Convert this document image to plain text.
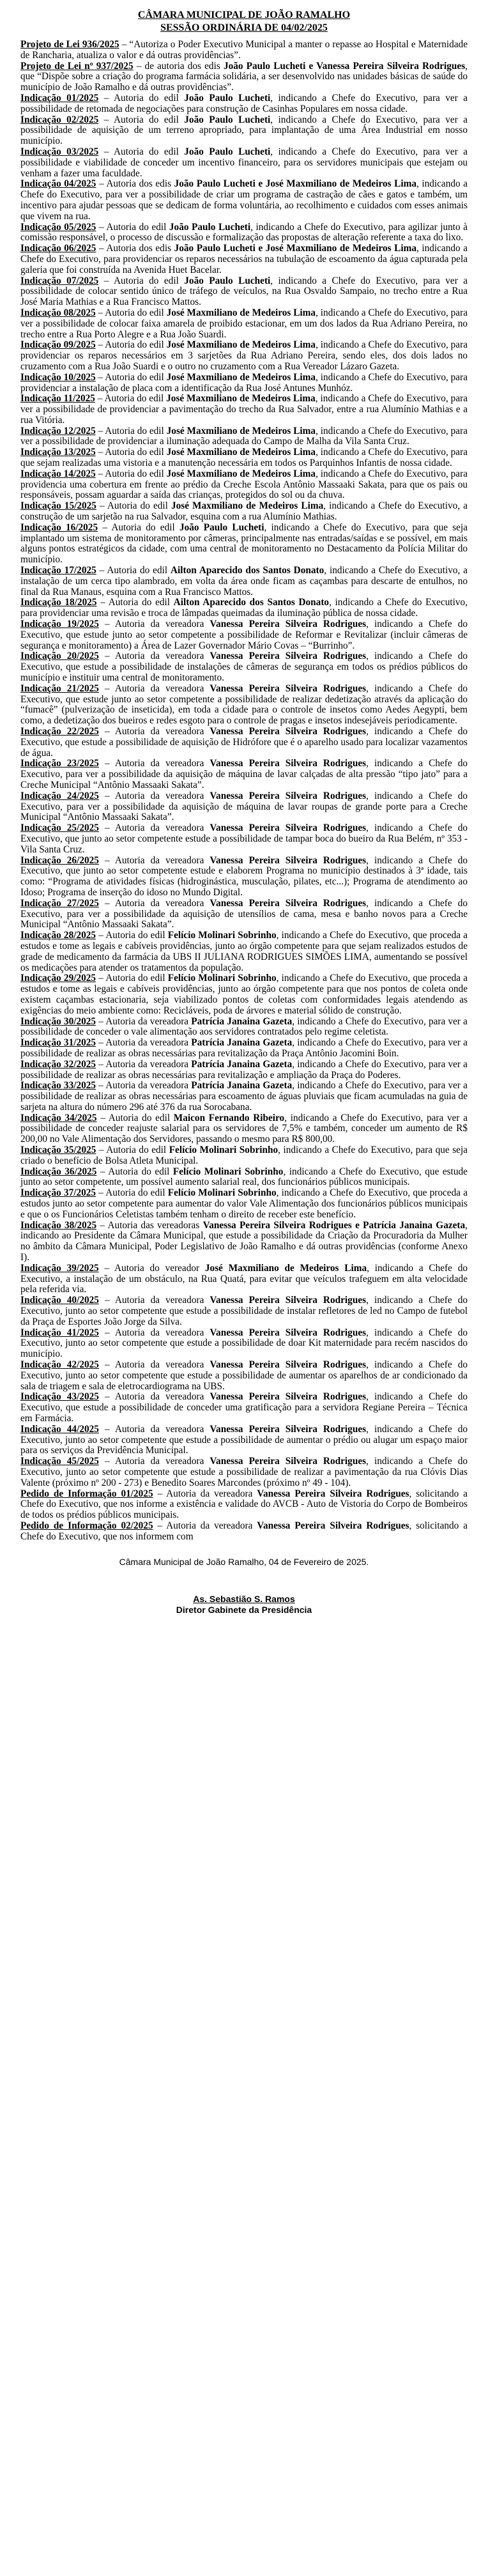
CÂMARA MUNICIPAL DE JOÃO RAMALHO
SESSÃO ORDINÁRIA DE 04/02/2025

Projeto de Lei 936/2025 – “Autoriza o Poder Executivo Municipal a manter o repasse ao Hospital e Maternidade de Rancharia, atualiza o valor e dá outras providências”.

Projeto de Lei nº 937/2025 – de autoria dos edis João Paulo Lucheti e Vanessa Pereira Silveira Rodrigues, que “Dispõe sobre a criação do programa farmácia solidária, a ser desenvolvido nas unidades básicas de saúde do município de João Ramalho e dá outras providências”.

Indicação 01/2025 – Autoria do edil João Paulo Lucheti, indicando a Chefe do Executivo, para ver a possibilidade de retomada de negociações para construção de Casinhas Populares em nossa cidade.

Indicação 02/2025 – Autoria do edil João Paulo Lucheti, indicando a Chefe do Executivo, para ver a possibilidade de aquisição de um terreno apropriado, para implantação de uma Área Industrial em nosso município.

Indicação 03/2025 – Autoria do edil João Paulo Lucheti, indicando a Chefe do Executivo, para ver a possibilidade e viabilidade de conceder um incentivo financeiro, para os servidores municipais que estejam ou venham a fazer uma faculdade.

Indicação 04/2025 – Autoria dos edis João Paulo Lucheti e José Maxmiliano de Medeiros Lima, indicando a Chefe do Executivo, para ver a possibilidade de criar um programa de castração de cães e gatos e também, um incentivo para ajudar pessoas que se dedicam de forma voluntária, ao recolhimento e cuidados com esses animais que vivem na rua.

Indicação 05/2025 – Autoria do edil João Paulo Lucheti, indicando a Chefe do Executivo, para agilizar junto à comissão responsável, o processo de discussão e formalização das propostas de alteração referente a taxa do lixo.

Indicação 06/2025 – Autoria dos edis João Paulo Lucheti e José Maxmiliano de Medeiros Lima, indicando a Chefe do Executivo, para providenciar os reparos necessários na tubulação de escoamento da água capturada pela galeria que foi construída na Avenida Huet Bacelar.

Indicação 07/2025 – Autoria do edil João Paulo Lucheti, indicando a Chefe do Executivo, para ver a possibilidade de colocar sentido único de tráfego de veículos, na Rua Osvaldo Sampaio, no trecho entre a Rua José Maria Mathias e a Rua Francisco Mattos.

Indicação 08/2025 – Autoria do edil José Maxmiliano de Medeiros Lima, indicando a Chefe do Executivo, para ver a possibilidade de colocar faixa amarela de proibido estacionar, em um dos lados da Rua Adriano Pereira, no trecho entre a Rua Porto Alegre e a Rua João Suardi.

Indicação 09/2025 – Autoria do edil José Maxmiliano de Medeiros Lima, indicando a Chefe do Executivo, para providenciar os reparos necessários em 3 sarjetões da Rua Adriano Pereira, sendo eles, dos dois lados no cruzamento com a Rua João Suardi e o outro no cruzamento com a Rua Vereador Lázaro Gazeta.

Indicação 10/2025 – Autoria do edil José Maxmiliano de Medeiros Lima, indicando a Chefe do Executivo, para providenciar a instalação de placa com a identificação da Rua José Antunes Munhóz.

Indicação 11/2025 – Autoria do edil José Maxmiliano de Medeiros Lima, indicando a Chefe do Executivo, para ver a possibilidade de providenciar a pavimentação do trecho da Rua Salvador, entre a rua Alumínio Mathias e a rua Vitória.

Indicação 12/2025 – Autoria do edil José Maxmiliano de Medeiros Lima, indicando a Chefe do Executivo, para ver a possibilidade de providenciar a iluminação adequada do Campo de Malha da Vila Santa Cruz.

Indicação 13/2025 – Autoria do edil José Maxmiliano de Medeiros Lima, indicando a Chefe do Executivo, para que sejam realizadas uma vistoria e a manutenção necessária em todos os Parquinhos Infantis de nossa cidade.

Indicação 14/2025 – Autoria do edil José Maxmiliano de Medeiros Lima, indicando a Chefe do Executivo, para providencia uma cobertura em frente ao prédio da Creche Escola Antônio Massaaki Sakata, para que os pais ou responsáveis, possam aguardar a saída das crianças, protegidos do sol ou da chuva.

Indicação 15/2025 – Autoria do edil José Maxmiliano de Medeiros Lima, indicando a Chefe do Executivo, a construção de um sarjetão na rua Salvador, esquina com a rua Alumínio Mathias.

Indicação 16/2025 – Autoria do edil João Paulo Lucheti, indicando a Chefe do Executivo, para que seja implantado um sistema de monitoramento por câmeras, principalmente nas entradas/saídas e se possível, em mais alguns pontos estratégicos da cidade, com uma central de monitoramento no Destacamento da Polícia Militar do município.

Indicação 17/2025 – Autoria do edil Ailton Aparecido dos Santos Donato, indicando a Chefe do Executivo, a instalação de um cerca tipo alambrado, em volta da área onde ficam as caçambas para descarte de entulhos, no final da Rua Manaus, esquina com a Rua Francisco Mattos.

Indicação 18/2025 – Autoria do edil Ailton Aparecido dos Santos Donato, indicando a Chefe do Executivo, para providenciar uma revisão e troca de lâmpadas queimadas da iluminação pública de nossa cidade.

Indicação 19/2025 – Autoria da vereadora Vanessa Pereira Silveira Rodrigues, indicando a Chefe do Executivo, que estude junto ao setor competente a possibilidade de Reformar e Revitalizar (incluir câmeras de segurança e monitoramento) a Área de Lazer Governador Mário Covas – “Burrinho”.

Indicação 20/2025 – Autoria da vereadora Vanessa Pereira Silveira Rodrigues, indicando a Chefe do Executivo, que estude a possibilidade de instalações de câmeras de segurança em todos os prédios públicos do município e instituir uma central de monitoramento.

Indicação 21/2025 – Autoria da vereadora Vanessa Pereira Silveira Rodrigues, indicando a Chefe do Executivo, que estude junto ao setor competente a possibilidade de realizar dedetização através da aplicação do “fumacê” (pulverização de inseticida), em toda a cidade para o controle de insetos como Aedes Aegypti, bem como, a dedetização dos bueiros e redes esgoto para o controle de pragas e insetos indesejáveis periodicamente.

Indicação 22/2025 – Autoria da vereadora Vanessa Pereira Silveira Rodrigues, indicando a Chefe do Executivo, que estude a possibilidade de aquisição de Hidrófore que é o aparelho usado para localizar vazamentos de água.

Indicação 23/2025 – Autoria da vereadora Vanessa Pereira Silveira Rodrigues, indicando a Chefe do Executivo, para ver a possibilidade da aquisição de máquina de lavar calçadas de alta pressão “tipo jato” para a Creche Municipal “Antônio Massaaki Sakata”.

Indicação 24/2025 – Autoria da vereadora Vanessa Pereira Silveira Rodrigues, indicando a Chefe do Executivo, para ver a possibilidade da aquisição de máquina de lavar roupas de grande porte para a Creche Municipal “Antônio Massaaki Sakata”.

Indicação 25/2025 – Autoria da vereadora Vanessa Pereira Silveira Rodrigues, indicando a Chefe do Executivo, que junto ao setor competente estude a possibilidade de tampar boca do bueiro da Rua Belém, nº 353 - Vila Santa Cruz.

Indicação 26/2025 – Autoria da vereadora Vanessa Pereira Silveira Rodrigues, indicando a Chefe do Executivo, que junto ao setor competente estude e elaborem Programa no município destinados à 3ª idade, tais como: “Programa de atividades físicas (hidroginástica, musculação, pilates, etc...); Programa de atendimento ao Idoso; Programa de inserção do idoso no Mundo Digital.

Indicação 27/2025 – Autoria da vereadora Vanessa Pereira Silveira Rodrigues, indicando a Chefe do Executivo, para ver a possibilidade da aquisição de utensílios de cama, mesa e banho novos para a Creche Municipal “Antônio Massaaki Sakata”.

Indicação 28/2025 – Autoria do edil Felício Molinari Sobrinho, indicando a Chefe do Executivo, que proceda a estudos e tome as legais e cabíveis providências, junto ao órgão competente para que sejam realizados estudos de grade de medicamento da farmácia da UBS II JULIANA RODRIGUES SIMÕES LIMA, aumentando se possível os medicações para atender os tratamentos da população.

Indicação 29/2025 – Autoria do edil Felício Molinari Sobrinho, indicando a Chefe do Executivo, que proceda a estudos e tome as legais e cabíveis providências, junto ao órgão competente para que nos pontos de coleta onde existem caçambas estacionaria, seja viabilizado pontos de coletas com conformidades legais atendendo as exigências do meio ambiente como: Recicláveis, poda de árvores e material sólido de construção.

Indicação 30/2025 – Autoria da vereadora Patrícia Janaina Gazeta, indicando a Chefe do Executivo, para ver a possibilidade de conceder o vale alimentação aos servidores contratados pelo regime celetista.

Indicação 31/2025 – Autoria da vereadora Patrícia Janaina Gazeta, indicando a Chefe do Executivo, para ver a possibilidade de realizar as obras necessárias para revitalização da Praça Antônio Jacomini Boin.

Indicação 32/2025 – Autoria da vereadora Patrícia Janaina Gazeta, indicando a Chefe do Executivo, para ver a possibilidade de realizar as obras necessárias para revitalização e ampliação da Praça do Poderes.

Indicação 33/2025 – Autoria da vereadora Patrícia Janaina Gazeta, indicando a Chefe do Executivo, para ver a possibilidade de realizar as obras necessárias para escoamento de águas pluviais que ficam acumuladas na guia de sarjeta na altura do número 296 até 376 da rua Sorocabana.

Indicação 34/2025 – Autoria do edil Maicon Fernando Ribeiro, indicando a Chefe do Executivo, para ver a possibilidade de conceder reajuste salarial para os servidores de 7,5% e também, conceder um aumento de R$ 200,00 no Vale Alimentação dos Servidores, passando o mesmo para R$ 800,00.

Indicação 35/2025 – Autoria do edil Felício Molinari Sobrinho, indicando a Chefe do Executivo, para que seja criado o benefício de Bolsa Atleta Municipal.

Indicação 36/2025 – Autoria do edil Felício Molinari Sobrinho, indicando a Chefe do Executivo, que estude junto ao setor competente, um possível aumento salarial real, dos funcionários públicos municipais.

Indicação 37/2025 – Autoria do edil Felício Molinari Sobrinho, indicando a Chefe do Executivo, que proceda a estudos junto ao setor competente para aumentar do valor Vale Alimentação dos funcionários públicos municipais e que o os Funcionários Celetistas também tenham o direito de receber este benefício.

Indicação 38/2025 – Autoria das vereadoras Vanessa Pereira Silveira Rodrigues e Patrícia Janaina Gazeta, indicando ao Presidente da Câmara Municipal, que estude a possibilidade da Criação da Procuradoria da Mulher no âmbito da Câmara Municipal, Poder Legislativo de João Ramalho e dá outras providências (conforme Anexo I).

Indicação 39/2025 – Autoria do vereador José Maxmiliano de Medeiros Lima, indicando a Chefe do Executivo, a instalação de um obstáculo, na Rua Quatá, para evitar que veículos trafeguem em alta velocidade pela referida via.

Indicação 40/2025 – Autoria da vereadora Vanessa Pereira Silveira Rodrigues, indicando a Chefe do Executivo, junto ao setor competente que estude a possibilidade de instalar refletores de led no Campo de futebol da Praça de Esportes João Jorge da Silva.

Indicação 41/2025 – Autoria da vereadora Vanessa Pereira Silveira Rodrigues, indicando a Chefe do Executivo, junto ao setor competente que estude a possibilidade de doar Kit maternidade para recém nascidos do município.

Indicação 42/2025 – Autoria da vereadora Vanessa Pereira Silveira Rodrigues, indicando a Chefe do Executivo, junto ao setor competente que estude a possibilidade de aumentar os aparelhos de ar condicionado da sala de triagem e sala de eletrocardiograma na UBS.

Indicação 43/2025 – Autoria da vereadora Vanessa Pereira Silveira Rodrigues, indicando a Chefe do Executivo, que estude a possibilidade de conceder uma gratificação para a servidora Regiane Pereira – Técnica em Farmácia.

Indicação 44/2025 – Autoria da vereadora Vanessa Pereira Silveira Rodrigues, indicando a Chefe do Executivo, junto ao setor competente que estude a possibilidade de aumentar o prédio ou alugar um espaço maior para os serviços da Previdência Municipal.

Indicação 45/2025 – Autoria da vereadora Vanessa Pereira Silveira Rodrigues, indicando a Chefe do Executivo, junto ao setor competente que estude a possibilidade de realizar a pavimentação da rua Clóvis Dias Valente (próximo nº 200 - 273) e Benedito Soares Marcondes (próximo nº 49 - 104).

Pedido de Informação 01/2025 – Autoria da vereadora Vanessa Pereira Silveira Rodrigues, solicitando a Chefe do Executivo, que nos informe a existência e validade do AVCB - Auto de Vistoria do Corpo de Bombeiros de todos os prédios públicos municipais.

Pedido de Informação 02/2025 – Autoria da vereadora Vanessa Pereira Silveira Rodrigues, solicitando a Chefe do Executivo, que nos informem com

Câmara Municipal de João Ramalho, 04 de Fevereiro de 2025.
As. Sebastião S. Ramos
Diretor Gabinete da Presidência
